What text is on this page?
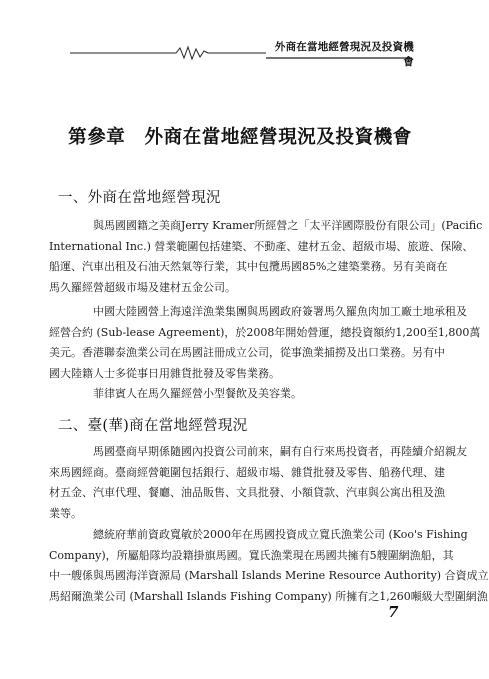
外商在當地經營現況及投資機會
第參章　外商在當地經營現況及投資機會
一、外商在當地經營現況
與馬國國籍之美商Jerry Kramer所經營之「太平洋國際股份有限公司」(Pacific
International Inc.) 營業範圍包括建築、不動產、建材五金、超級市場、旅遊、保險、
船運、汽車出租及石油天然氣等行業，其中包攬馬國85%之建築業務。另有美商在
馬久羅經營超級市場及建材五金公司。
中國大陸國營上海遠洋漁業集團與馬國政府簽署馬久羅魚肉加工廠土地承租及
經營合約 (Sub-lease Agreement)，於2008年開始營運，總投資額約1,200至1,800萬
美元。香港聯泰漁業公司在馬國註冊成立公司，從事漁業捕撈及出口業務。另有中
國大陸籍人士多從事日用雜貨批發及零售業務。
菲律賓人在馬久羅經營小型餐飲及美容業。
二、臺(華)商在當地經營現況
馬國臺商早期係隨國內投資公司前來，嗣有自行來馬投資者，再陸續介紹親友
來馬國經商。臺商經營範圍包括銀行、超級市場、雜貨批發及零售、船務代理、建
材五金、汽車代理、餐廳、油品販售、文具批發、小額貸款、汽車與公寓出租及漁
業等。
總統府華前資政寬敏於2000年在馬國投資成立寬氏漁業公司 (Koo's Fishing
Company)，所屬船隊均設籍掛旗馬國。寬氏漁業現在馬國共擁有5艘圍網漁船，其
中一艘係與馬國海洋資源局 (Marshall Islands Merine Resource Authority) 合資成立
馬紹爾漁業公司 (Marshall Islands Fishing Company) 所擁有之1,260噸級大型圍網漁
7
